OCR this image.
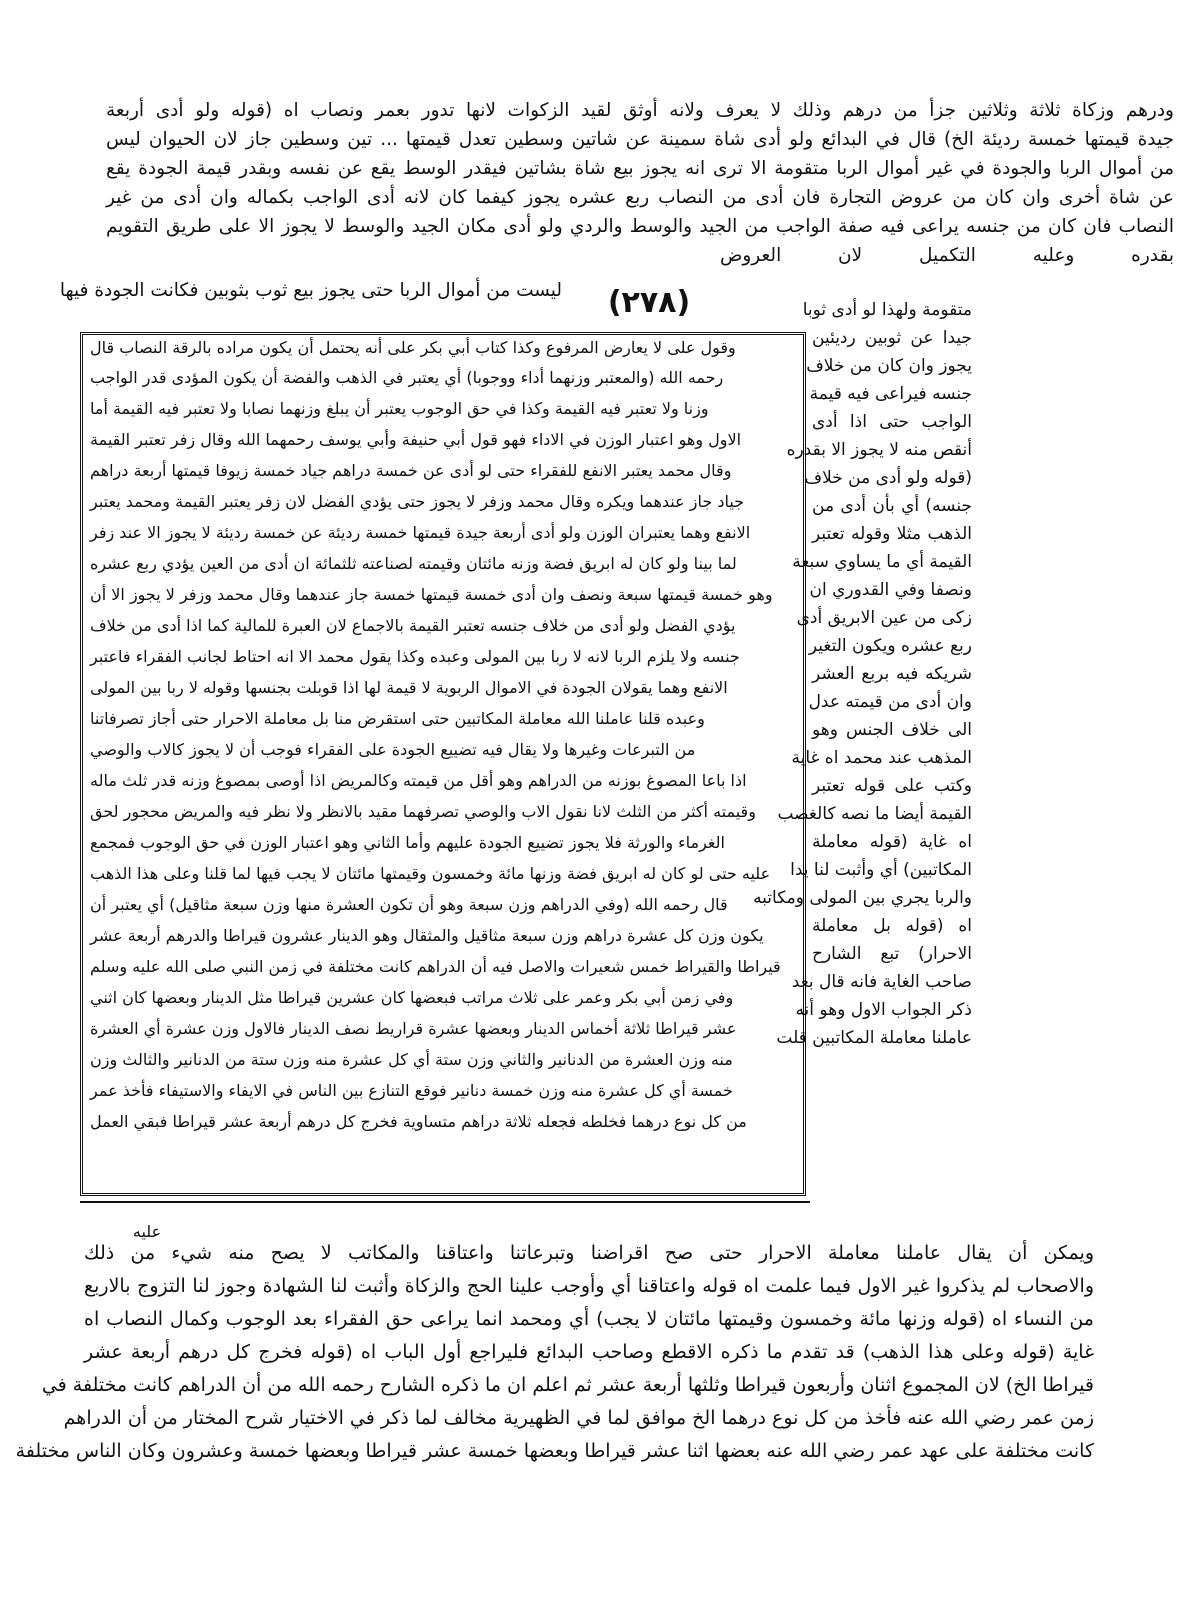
ودرهم وزكاة ثلاثة وثلاثين جزأ من درهم وذلك لا يعرف ولانه أوثق لقيد الزكوات لانها تدور بعمر ونصاب اه (قوله ولو أدى أربعة
جيدة قيمتها خمسة رديئة الخ) قال في البدائع ولو أدى شاة سمينة عن شاتين وسطين تعدل قيمتها ... تين وسطين جاز لان الحيوان ليس
من أموال الربا والجودة في غير أموال الربا متقومة الا ترى انه يجوز بيع شاة بشاتين فيقدر الوسط يقع عن نفسه وبقدر قيمة الجودة يقع
عن شاة أخرى وان كان من عروض التجارة فان أدى من النصاب ربع عشره يجوز كيفما كان لانه أدى الواجب بكماله وان أدى من غير
النصاب فان كان من جنسه يراعى فيه صفة الواجب من الجيد والوسط والردي ولو أدى مكان الجيد والوسط لا يجوز الا على طريق التقويم
بقدره وعليه التكميل لان العروض
ليست من أموال الربا حتى يجوز بيع ثوب بثوبين فكانت الجودة فيها (٢٧٨)
وقول على لا يعارض المرفوع وكذا كتاب أبي بكر على أنه يحتمل أن يكون مراده بالرقة النصاب قال
رحمه الله (والمعتبر وزنهما أداء ووجوبا) أي يعتبر في الذهب والفضة أن يكون المؤدى قدر الواجب
وزنا ولا تعتبر فيه القيمة وكذا في حق الوجوب يعتبر أن يبلغ وزنهما نصابا ولا تعتبر فيه القيمة أما
الاول وهو اعتبار الوزن في الاداء فهو قول أبي حنيفة وأبي يوسف رحمهما الله وقال زفر تعتبر القيمة
وقال محمد يعتبر الانفع للفقراء حتى لو أدى عن خمسة دراهم جياد خمسة زيوفا قيمتها أربعة دراهم
جياد جاز عندهما ويكره وقال محمد وزفر لا يجوز حتى يؤدي الفضل لان زفر يعتبر القيمة ومحمد يعتبر
الانفع وهما يعتبران الوزن ولو أدى أربعة جيدة قيمتها خمسة رديئة عن خمسة رديئة لا يجوز الا عند زفر
لما بينا ولو كان له ابريق فضة وزنه مائتان وقيمته لصناعته ثلثمائة ان أدى من العين يؤدي ربع عشره
وهو خمسة قيمتها سبعة ونصف وان أدى خمسة قيمتها خمسة جاز عندهما وقال محمد وزفر لا يجوز الا أن
يؤدي الفضل ولو أدى من خلاف جنسه تعتبر القيمة بالاجماع لان العبرة للمالية كما اذا أدى من خلاف
جنسه ولا يلزم الربا لانه لا ربا بين المولى وعبده وكذا يقول محمد الا انه احتاط لجانب الفقراء فاعتبر
الانفع وهما يقولان الجودة في الاموال الربوية لا قيمة لها اذا قوبلت بجنسها وقوله لا ربا بين المولى
وعبده قلنا عاملنا الله معاملة المكاتبين حتى استقرض منا بل معاملة الاحرار حتى أجاز تصرفاتنا
من التبرعات وغيرها ولا يقال فيه تضييع الجودة على الفقراء فوجب أن لا يجوز كالاب والوصي
اذا باعا المصوغ بوزنه من الدراهم وهو أقل من قيمته وكالمريض اذا أوصى بمصوغ وزنه قدر ثلث ماله
وقيمته أكثر من الثلث لانا نقول الاب والوصي تصرفهما مقيد بالانظر ولا نظر فيه والمريض محجور لحق
الغرماء والورثة فلا يجوز تضييع الجودة عليهم وأما الثاني وهو اعتبار الوزن في حق الوجوب فمجمع
عليه حتى لو كان له ابريق فضة وزنها مائة وخمسون وقيمتها مائتان لا يجب فيها لما قلنا وعلى هذا الذهب
قال رحمه الله (وفي الدراهم وزن سبعة وهو أن تكون العشرة منها وزن سبعة مثاقيل) أي يعتبر أن
يكون وزن كل عشرة دراهم وزن سبعة مثاقيل والمثقال وهو الدينار عشرون قيراطا والدرهم أربعة عشر
قيراطا والقيراط خمس شعيرات والاصل فيه أن الدراهم كانت مختلفة في زمن النبي صلى الله عليه وسلم
وفي زمن أبي بكر وعمر على ثلاث مراتب فبعضها كان عشرين قيراطا مثل الدينار وبعضها كان اثني
عشر قيراطا ثلاثة أخماس الدينار وبعضها عشرة قراريط نصف الدينار فالاول وزن عشرة أي العشرة
منه وزن العشرة من الدنانير والثاني وزن ستة أي كل عشرة منه وزن ستة من الدنانير والثالث وزن
خمسة أي كل عشرة منه وزن خمسة دنانير فوقع التنازع بين الناس في الايفاء والاستيفاء فأخذ عمر
من كل نوع درهما فخلطه فجعله ثلاثة دراهم متساوية فخرج كل درهم أربعة عشر قيراطا فبقي العمل
متقومة ولهذا لو أدى ثوبا
جيدا عن ثوبين رديئين
يجوز وان كان من خلاف
جنسه فيراعى فيه قيمة
الواجب حتى اذا أدى
أنقص منه لا يجوز الا بقدره
(قوله ولو أدى من خلاف
جنسه) أي بأن أدى من
الذهب مثلا وقوله تعتبر
القيمة أي ما يساوي سبعة
ونصفا وفي القدوري ان
زكى من عين الابريق أدى
ربع عشره ويكون التغير
شريكه فيه بربع العشر
وان أدى من قيمته عدل
الى خلاف الجنس وهو
المذهب عند محمد اه غاية
وكتب على قوله تعتبر
القيمة أيضا ما نصه كالغصب
اه غاية (قوله معاملة
المكاتبين) أي وأثبت لنا يدا
والربا يجري بين المولى ومكاتبه
اه (قوله بل معاملة
الاحرار) تبع الشارح
صاحب الغاية فانه قال بعد
ذكر الجواب الاول وهو أنه
عاملنا معاملة المكاتبين قلت
عليه
ويمكن أن يقال عاملنا معاملة الاحرار حتى صح اقراضنا وتبرعاتنا واعتاقنا والمكاتب لا يصح منه شيء من ذلك
والاصحاب لم يذكروا غير الاول فيما علمت اه قوله واعتاقنا أي وأوجب علينا الحج والزكاة وأثبت لنا الشهادة وجوز لنا التزوج بالاربع
من النساء اه (قوله وزنها مائة وخمسون وقيمتها مائتان لا يجب) أي ومحمد انما يراعى حق الفقراء بعد الوجوب وكمال النصاب اه
غاية (قوله وعلى هذا الذهب) قد تقدم ما ذكره الاقطع وصاحب البدائع فليراجع أول الباب اه (قوله فخرج كل درهم أربعة عشر
قيراطا الخ) لان المجموع اثنان وأربعون قيراطا وثلثها أربعة عشر ثم اعلم ان ما ذكره الشارح رحمه الله من أن الدراهم كانت مختلفة في
زمن عمر رضي الله عنه فأخذ من كل نوع درهما الخ موافق لما في الظهيرية مخالف لما ذكر في الاختيار شرح المختار من أن الدراهم
كانت مختلفة على عهد عمر رضي الله عنه بعضها اثنا عشر قيراطا وبعضها خمسة عشر قيراطا وبعضها خمسة وعشرون وكان الناس مختلفة
